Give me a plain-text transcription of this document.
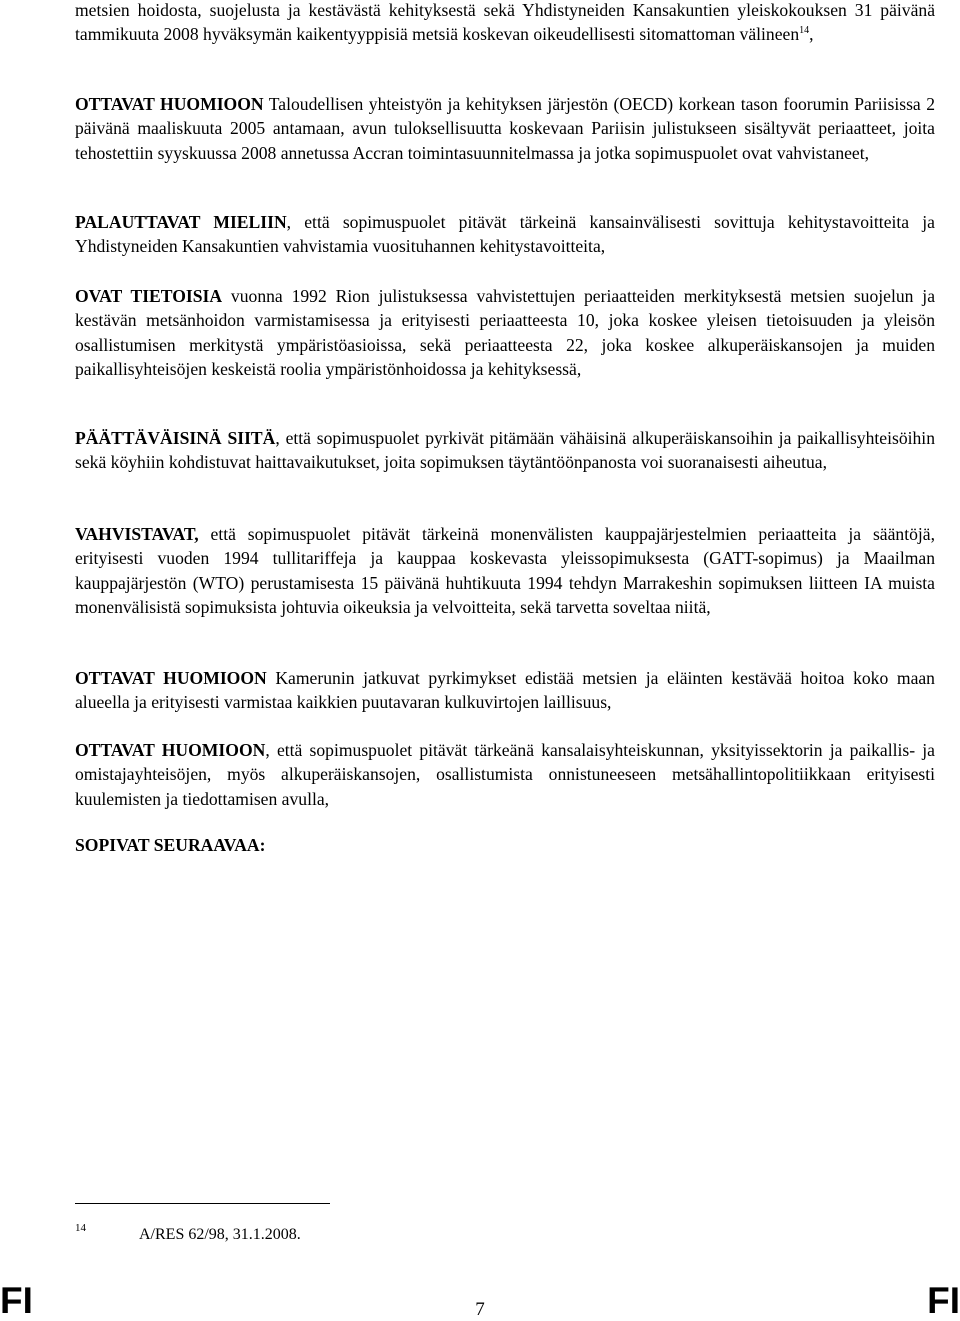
metsien hoidosta, suojelusta ja kestävästä kehityksestä sekä Yhdistyneiden Kansakuntien yleiskokouksen 31 päivänä tammikuuta 2008 hyväksymän kaikentyyppisiä metsiä koskevan oikeudellisesti sitomattoman välineen$^{14}$,

OTTAVAT HUOMIOON Taloudellisen yhteistyön ja kehityksen järjestön (OECD) korkean tason foorumin Pariisissa 2 päivänä maaliskuuta 2005 antamaan, avun tuloksellisuutta koskevaan Pariisin julistukseen sisältyvät periaatteet, joita tehostettiin syyskuussa 2008 annetussa Accran toimintasuunnitelmassa ja jotka sopimuspuolet ovat vahvistaneet,

PALAUTTAVAT MIELIIN, että sopimuspuolet pitävät tärkeinä kansainvälisesti sovittuja kehitystavoitteita ja Yhdistyneiden Kansakuntien vahvistamia vuosituhannen kehitystavoitteita,

OVAT TIETOISIA vuonna 1992 Rion julistuksessa vahvistettujen periaatteiden merkityksestä metsien suojelun ja kestävän metsänhoidon varmistamisessa ja erityisesti periaatteesta 10, joka koskee yleisen tietoisuuden ja yleisön osallistumisen merkitystä ympäristöasioissa, sekä periaatteesta 22, joka koskee alkuperäiskansojen ja muiden paikallisyhteisöjen keskeistä roolia ympäristönhoidossa ja kehityksessä,

PÄÄTTÄVÄISINÄ SIITÄ, että sopimuspuolet pyrkivät pitämään vähäisinä alkuperäiskansoihin ja paikallisyhteisöihin sekä köyhiin kohdistuvat haittavaikutukset, joita sopimuksen täytäntöönpanosta voi suoranaisesti aiheutua,

VAHVISTAVAT, että sopimuspuolet pitävät tärkeinä monenvälisten kauppajärjestelmien periaatteita ja sääntöjä, erityisesti vuoden 1994 tullitariffeja ja kauppaa koskevasta yleissopimuksesta (GATT-sopimus) ja Maailman kauppajärjestön (WTO) perustamisesta 15 päivänä huhtikuuta 1994 tehdyn Marrakeshin sopimuksen liitteen IA muista monenvälisistä sopimuksista johtuvia oikeuksia ja velvoitteita, sekä tarvetta soveltaa niitä,

OTTAVAT HUOMIOON Kamerunin jatkuvat pyrkimykset edistää metsien ja eläinten kestävää hoitoa koko maan alueella ja erityisesti varmistaa kaikkien puutavaran kulkuvirtojen laillisuus,

OTTAVAT HUOMIOON, että sopimuspuolet pitävät tärkeänä kansalaisyhteiskunnan, yksityissektorin ja paikallis- ja omistajayhteisöjen, myös alkuperäiskansojen, osallistumista onnistuneeseen metsähallintopolitiikkaan erityisesti kuulemisten ja tiedottamisen avulla,

SOPIVAT SEURAAVAA:

14	A/RES 62/98, 31.1.2008.
FI	7	FI
